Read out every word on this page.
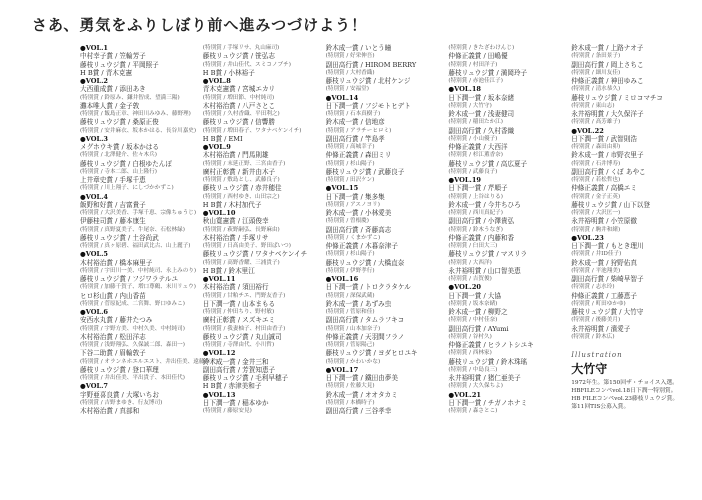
さあ、勇気をふりしぼり前へ進みつづけよう！
●VOL.1
中村幸子賞 / 笠輪芳子
藤枝リュウジ賞 / 平岡照子
H B賞 / 青木克憲
●VOL.2
大西重成賞 / 添田あき
(特別賞 / 鈴原み、鎌井智成、望満三陽)
灘本唯人賞 / 金子敦
(特別賞 / 飯島正章、神田川みゆみ、藤野理)
藤枝リュウジ賞 / 桑原正俊
(特別賞 / 安井麻衣、坂本かはる、長谷川嘉史)
●VOL.3
メグホウキ賞 / 坂本かはる
(特別賞 / 北澤健介、佐々木兵)
藤枝リュウジ賞 / 白根ゆたんぽ
(特別賞 / 寺本二郎、山上隆行)
上井章史賞 / 手塚千恵
(特別賞 / 川上翔子、にしづかかずこ)
●VOL.4
飯野和好賞 / 吉富貴子
(特別賞 / 大沢美香、手塚千恵、宗像ちゅうじ)
伊藤桂司賞 / 藤本康生
(特別賞 / 真野夏美子、牛尾奈、石松林緑)
藤枝リュウジ賞 / 土谷尚武
(特別賞 / 真ヶ原碧、福田武比古、山上麗子)
●VOL.5
木村裕治賞 / 橋本麻里子
(特別賞 / 宇田川一美、中村純司、永上みのり)
藤枝リュウジ賞 / フジワラテルユ
(特別賞 / 加藤千賀子、増口尊鶴、末川リュウ)
ヒロ杉山賞 / 内山香苗
(特別賞 / 菅原紀成、二宮舞、野口ゆみこ)
●VOL.6
安西水丸賞 / 藤井たつみ
(特別賞 / 宇野方美、中村久美、中村純司)
木村裕治賞 / 松田洋志
(特別賞 / 浅野翔弘、久保誠二郎、森田一)
下谷二助賞 / 眉輪敦子
(特別賞 / オランネホエルエスト、井出佳美、遠藤恭子)
藤枝リュウジ賞 / 登口華理
(特別賞 / 井出佳美、平出貴子、本田佳代)
●VOL.7
宇野亜喜良賞 / 大塚いちお
(特別賞 / 吉野まゆき、行友博司)
木村裕治賞 / 真部和
(特別賞 / 手塚リサ、丸山麻司)
藤枝リュウジ賞 / 笹弘志
(特別賞 / 井山佳代、スミコノブチ)
H B賞 / 小林裕子
●VOL.8
青木克憲賞 / 宮城エカリ
(特別賞 / 増田節、中村純司)
木村裕治賞 / 八戸さとこ
(特別賞 / 久村香織、平田利之)
藤枝リュウジ賞 / 信響勝
(特別賞 / 増田春子、ワタナベケンイチ)
H B賞 / EMI
●VOL.9
木村裕治賞 / 門馬則雄
(特別賞 / 末延正野、三宮由香子)
廣村正彰賞 / 新井由木子
(特別賞 / 敷島とし、武藤良子)
藤枝リュウジ賞 / 赤井穂佳
(特別賞 / 西村ゆき、山田宗之)
H B賞 / 木村加代子
●VOL.10
秋山寛憲賞 / 江頭俊幸
(特別賞 / 萩野嗣弘、長野麻由)
木村裕治賞 / 手塚リサ
(特別賞 / 日高由美子、野田ぱいつ)
藤枝リュウジ賞 / ワタナベケンイチ
(特別賞 / 高野香耀、三浦貴子)
H B賞 / 鈴木里江
●VOL.11
木村裕治賞 / 須田裕行
(特別賞 / 甘粕チエ、門野友香子)
日下潤一賞 / 山本まもる
(特別賞 / 仲田ちり、野村敏)
廣村正彰賞 / スズキエミ
(特別賞 / 我妻柚子、村田由香子)
藤枝リュウジ賞 / 丸山誠司
(特別賞 / 寺澤由代、小川哲)
●VOL.12
鈴木成一賞 / 金井三和
副田高行賞 / 芳賀知恵子
藤枝リュウジ賞 / 毛利早穂子
H B賞 / 赤津美和子
●VOL.13
日下潤一賞 / 稲本ゆか
(特別賞 / 藤原安見)
鈴木成一賞 / いとう瞳
(特別賞 / 好栄伸吾)
副田高行賞 / HIROM BERRY
(特別賞 / 大村香織)
藤枝リュウジ賞 / 北村ケンジ
(特別賞 / 安福堂)
●VOL.14
日下潤一賞 / フジモトヒデト
(特別賞 / 石本真樹子)
鈴木成一賞 / 信地彦
(特別賞 / アラチーヒロミ)
副田高行賞 / 竿島孝
(特別賞 / 高城幸子)
仲條正義賞 / 森田ミリ
(特別賞 / 杉山陽子)
藤枝リュウジ賞 / 武藤良子
(特別賞 / 田沢ケン)
●VOL.15
日下潤一賞 / 集多集
(特別賞 / アスノヨリ)
鈴木成一賞 / 小林愛美
(特別賞 / 曽根慶)
副田高行賞 / 斉藤高志
(特別賞 / くまかずこ)
仲條正義賞 / 木暮奈津子
(特別賞 / 杉山陽子)
藤枝リュウジ賞 / 大橋直奈
(特別賞 / 伊野孝行)
●VOL.16
日下潤一賞 / トロクラタケル
(特別賞 / 深保武蔵)
鈴木成一賞 / あずみ虫
(特別賞 / 菅原和佳)
副田高行賞 / タムラフキコ
(特別賞 / 山本加奈子)
仲條正義賞 / 天羽間フラノ
(特別賞 / 菅原陽己)
藤枝リュウジ賞 / ヨダヒロユキ
(特別賞 / かわいかな)
●VOL.17
日下潤一賞 / 鐵田由夢美
(特別賞 / 佐藤大見)
鈴木成一賞 / オオタカミ
(特別賞 / 本橋時子)
副田高行賞 / 三谷孝幸
(特別賞 / きたざわけんじ)
仲條正義賞 / 田嶋優
(特別賞 / 村田洋子)
藤枝リュウジ賞 / 満岡玲子
(特別賞 / 赤池佳江子)
●VOL.18
日下潤一賞 / 坂本奈緒
(特別賞 / 大竹守)
鈴木成一賞 / 浅妻健司
(特別賞 / 稲田たか江)
副田高行賞 / 久村香織
(特別賞 / 小山優子)
仲條正義賞 / 大西洋
(特別賞 / 杉江薫香奈)
藤枝リュウジ賞 / 高広夏子
(特別賞 / 武藤良子)
●VOL.19
日下潤一賞 / 芹順子
(特別賞 / 上谷はりる)
鈴木成一賞 / 今井ちひろ
(特別賞 / 西川真紀子)
副田高行賞 / 小澤貴弘
(特別賞 / 鈴木うなぎ)
仲條正義賞 / 内藤和香
(特別賞 / 臼田大三)
藤枝リュウジ賞 / マスリラ
(特別賞 / 大西洋)
永井裕明賞 / 山口智美恵
(特別賞 / 吉賀俊)
●VOL.20
日下潤一賞 / 大協
(特別賞 / 坂本奈緒)
鈴木成一賞 / 柳野之
(特別賞 / 中村佳奈)
副田高行賞 / AYumi
(特別賞 / 谷村久)
仲條正義賞 / ヒラノトシユキ
(特別賞 / 西林家)
藤枝リュウジ賞 / 鈴木珠瑤
(特別賞 / 中島良三)
永井裕明賞 / 猪仁亜美子
(特別賞 / 大久保ちよ)
●VOL.21
日下潤一賞 / チガノホナミ
(特別賞 / 森さとこ)
鈴木成一賞 / 上路ナオ子
(特別賞 / 条田景子)
副田高行賞 / 岡上さちこ
(特別賞 / 細川友佳)
仲條正義賞 / 神田ゆみこ
(特別賞 / 清水恭久)
藤枝リュウジ賞 / ミロコマチコ
(特別賞 / 東山志)
永井裕明賞 / 大久保洋子
(特別賞 / 高芳雄子)
●VOL.22
日下潤一賞 / 武智則浩
(特別賞 / 森田由卯)
鈴木成一賞 / 市野衣里子
(特別賞 / 石井博寿)
副田高行賞 / くぼ あやこ
(特別賞 / 若松哲也)
仲條正義賞 / 高橋エミ
(特別賞 / 金子正英)
藤枝リュウジ賞 / 山下以登
(特別賞 / 大沢匡一)
永井裕明賞 / 小笠原徹
(特別賞 / 駒井和緒)
●VOL.23
日下潤一賞 / もとき理川
(特別賞 / 井ID佳子)
鈴木成一賞 / 狩野佑真
(特別賞 / 平池翔美)
副田高行賞 / 柴崎早智子
(特別賞 / 志水玲)
仲條正義賞 / 工藤恵子
(特別賞 / 町田ゆかゆ)
藤枝リュウジ賞 / 大竹守
(特別賞 / 後藤美月)
永井裕明賞 / 濱愛子
(特別賞 / 鈴木広)
Illustration
大竹守
1972年生。第150回ザ・チョイス入選。
HBFILEコンペvol.18日下潤一特別賞。
HB FILEコンペvol.23藤枝リュウジ賞。
第11回TIS公募入賞。
